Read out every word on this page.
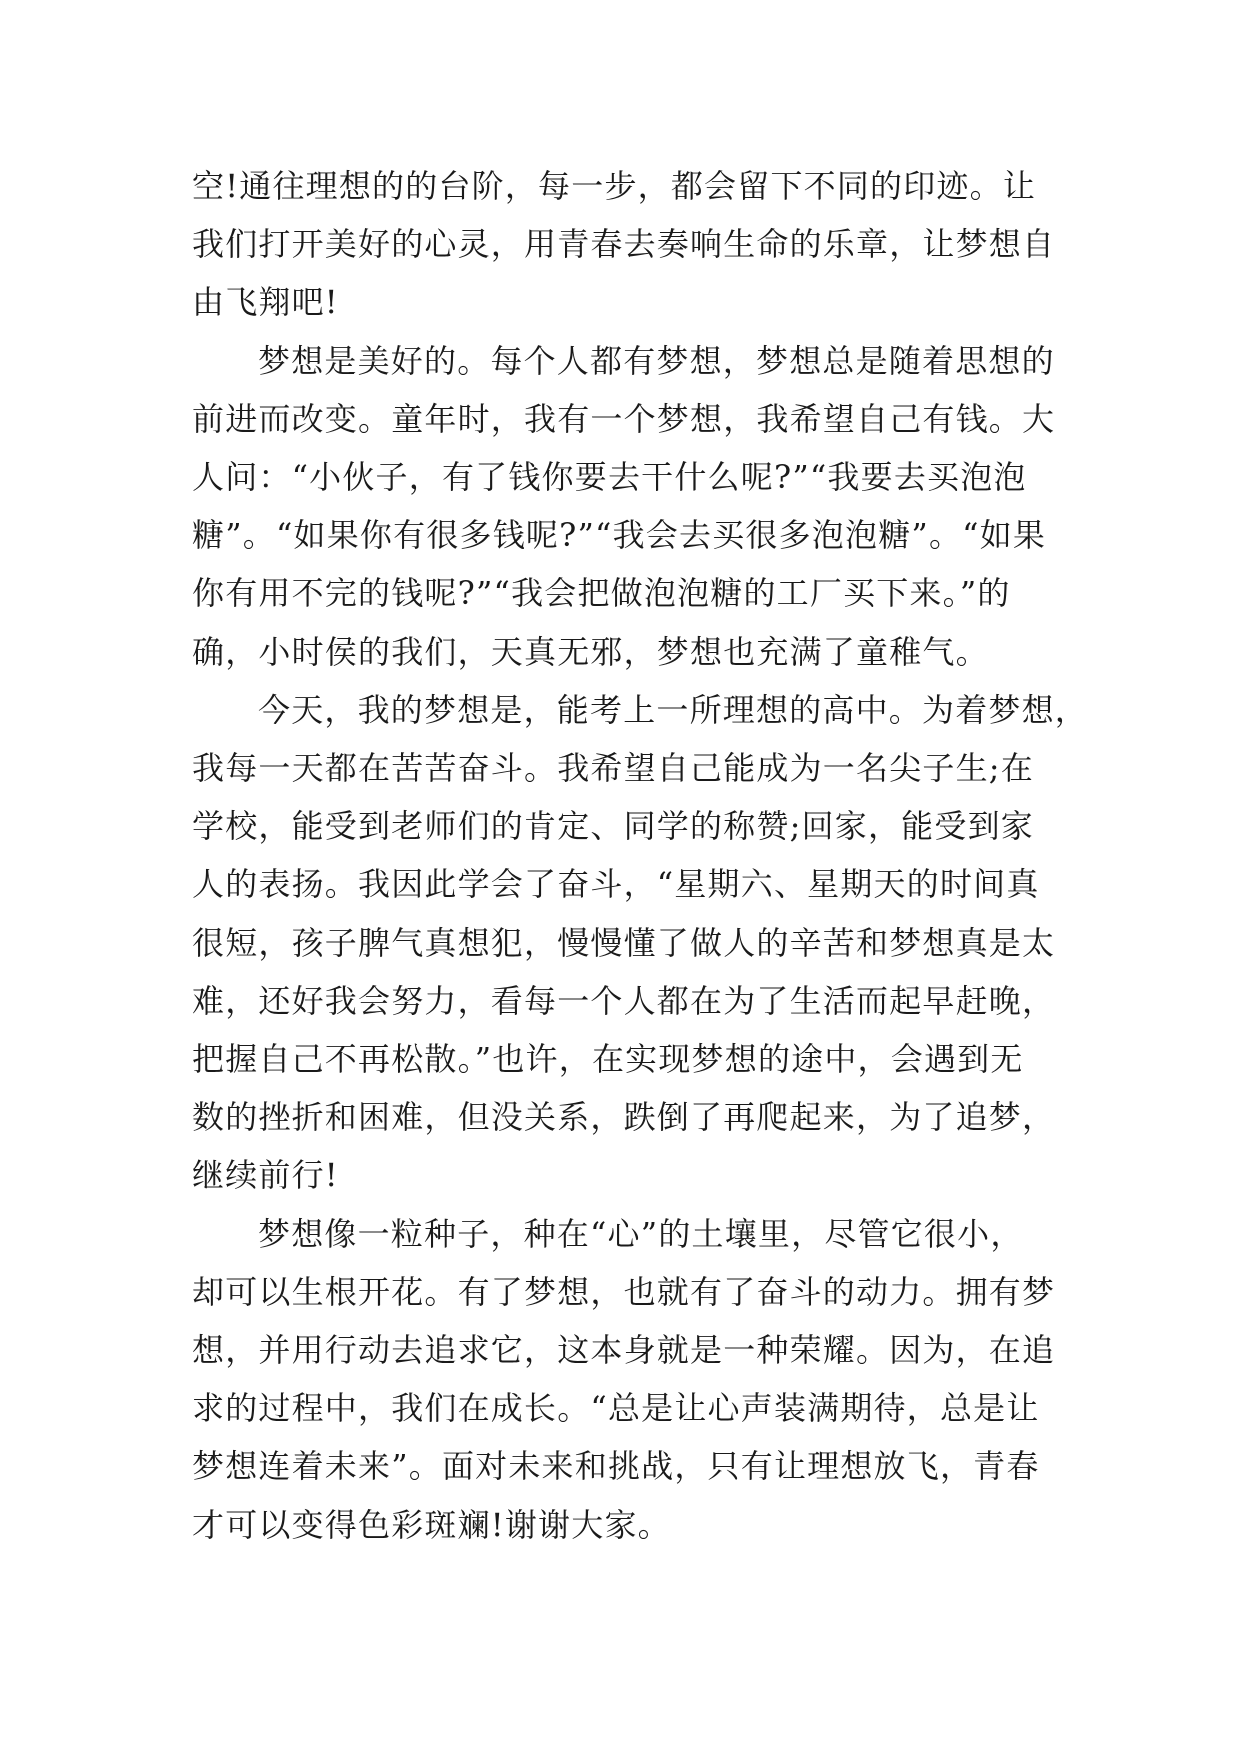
空!通往理想的的台阶，每一步，都会留下不同的印迹。让
我们打开美好的心灵，用青春去奏响生命的乐章，让梦想自
由飞翔吧!
梦想是美好的。每个人都有梦想，梦想总是随着思想的
前进而改变。童年时，我有一个梦想，我希望自己有钱。大
人问：“小伙子，有了钱你要去干什么呢?”“我要去买泡泡
糖”。“如果你有很多钱呢?”“我会去买很多泡泡糖”。“如果
你有用不完的钱呢?”“我会把做泡泡糖的工厂买下来。”的
确，小时侯的我们，天真无邪，梦想也充满了童稚气。
今天，我的梦想是，能考上一所理想的高中。为着梦想，
我每一天都在苦苦奋斗。我希望自己能成为一名尖子生;在
学校，能受到老师们的肯定、同学的称赞;回家，能受到家
人的表扬。我因此学会了奋斗，“星期六、星期天的时间真
很短，孩子脾气真想犯，慢慢懂了做人的辛苦和梦想真是太
难，还好我会努力，看每一个人都在为了生活而起早赶晚，
把握自己不再松散。”也许，在实现梦想的途中，会遇到无
数的挫折和困难，但没关系，跌倒了再爬起来，为了追梦，
继续前行!
梦想像一粒种子，种在“心”的土壤里，尽管它很小，
却可以生根开花。有了梦想，也就有了奋斗的动力。拥有梦
想，并用行动去追求它，这本身就是一种荣耀。因为，在追
求的过程中，我们在成长。“总是让心声装满期待，总是让
梦想连着未来”。面对未来和挑战，只有让理想放飞，青春
才可以变得色彩斑斓!谢谢大家。
